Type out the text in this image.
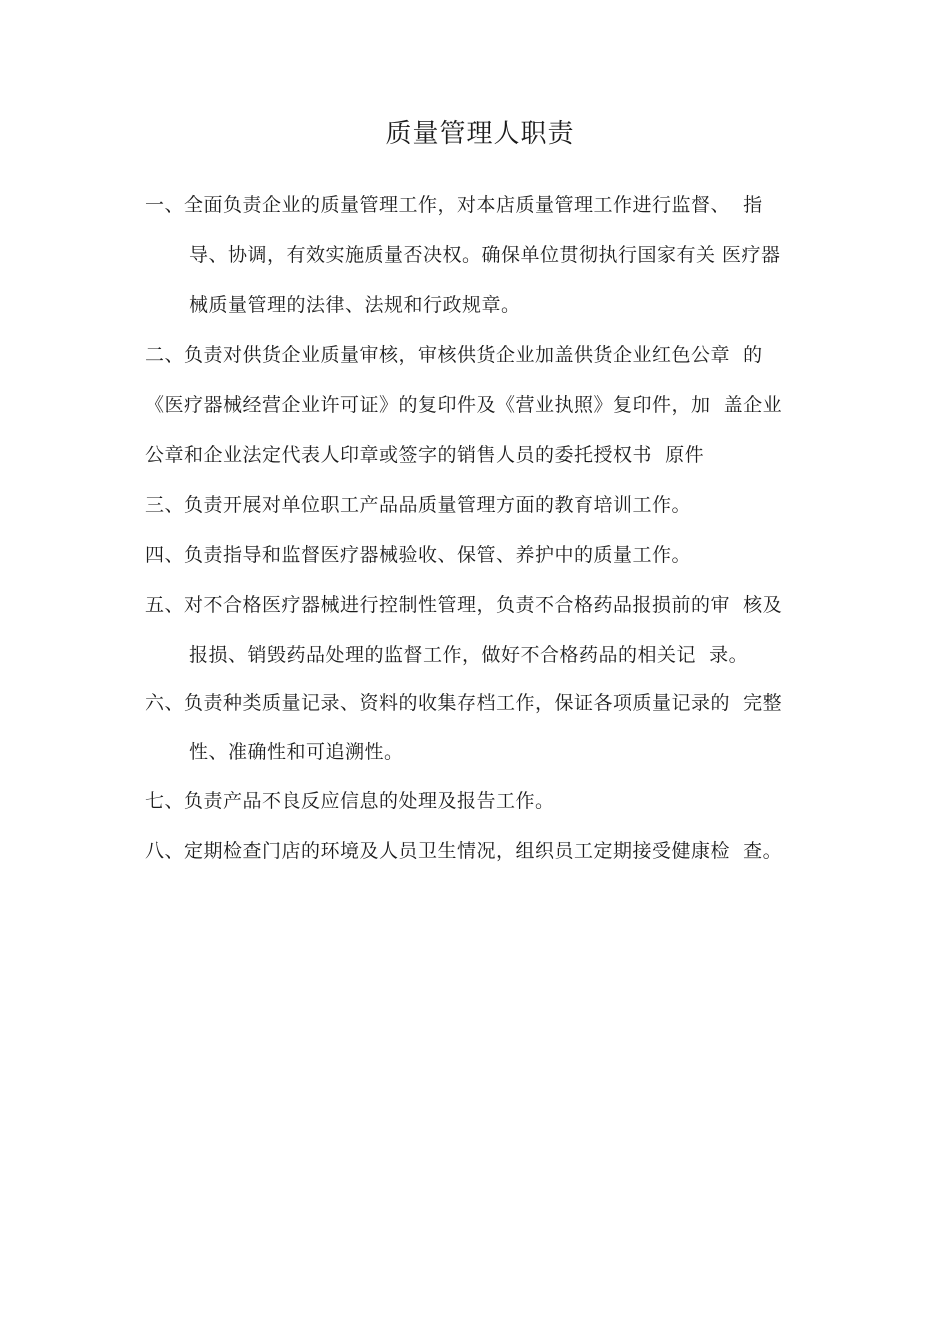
质量管理人职责
一、全面负责企业的质量管理工作，对本店质量管理工作进行监督、  指
导、协调，有效实施质量否决权。确保单位贯彻执行国家有关 医疗器
械质量管理的法律、法规和行政规章。
二、负责对供货企业质量审核，审核供货企业加盖供货企业红色公章  的
《医疗器械经营企业许可证》的复印件及《营业执照》复印件，加  盖企业
公章和企业法定代表人印章或签字的销售人员的委托授权书  原件
三、负责开展对单位职工产品品质量管理方面的教育培训工作。
四、负责指导和监督医疗器械验收、保管、养护中的质量工作。
五、对不合格医疗器械进行控制性管理，负责不合格药品报损前的审  核及
报损、销毁药品处理的监督工作，做好不合格药品的相关记  录。
六、负责种类质量记录、资料的收集存档工作，保证各项质量记录的  完整
性、准确性和可追溯性。
七、负责产品不良反应信息的处理及报告工作。
八、定期检查门店的环境及人员卫生情况，组织员工定期接受健康检  查。
